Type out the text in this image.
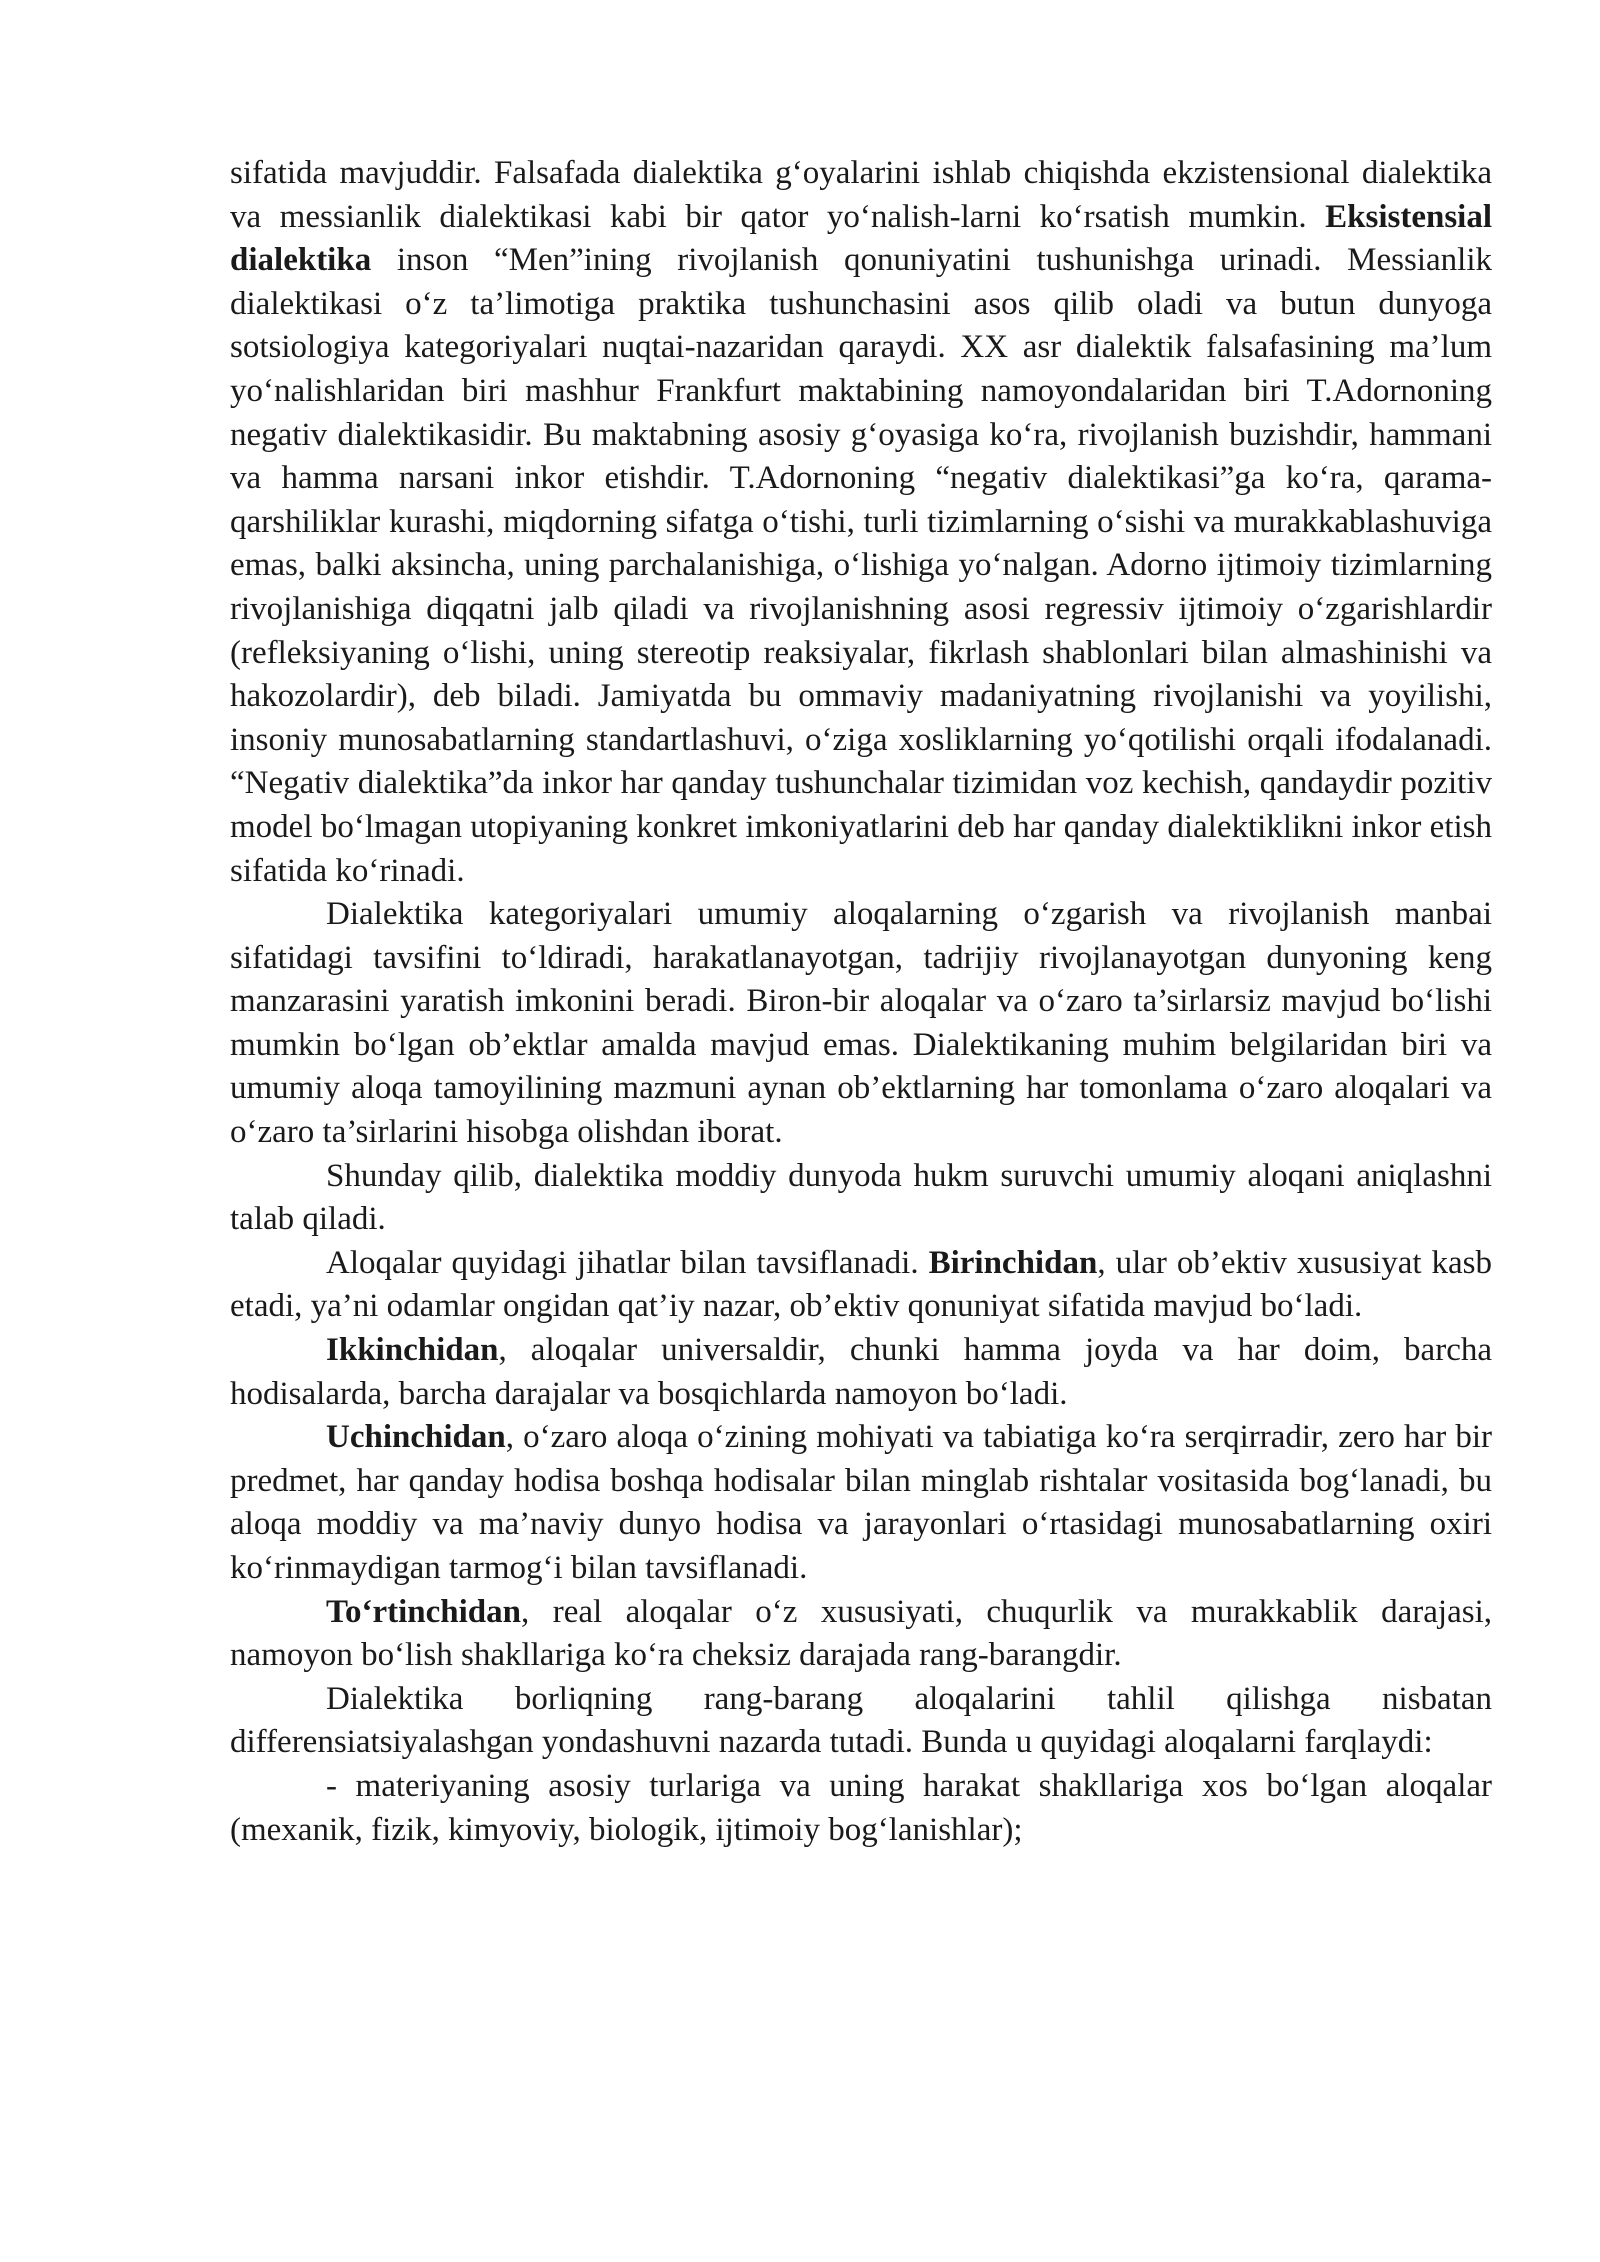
sifatida mavjuddir. Falsafada dialektika g‘oyalarini ishlab chiqishda ekzistensional dialektika va messianlik dialektikasi kabi bir qator yo‘nalish-larni ko‘rsatish mumkin. Eksistensial dialektika inson “Men”ining rivojlanish qonuniyatini tushunishga urinadi. Messianlik dialektikasi o‘z ta’limotiga praktika tushunchasini asos qilib oladi va butun dunyoga sotsiologiya kategoriyalari nuqtai-nazaridan qaraydi. XX asr dialektik falsafasining ma’lum yo‘nalishlaridan biri mashhur Frankfurt maktabining namoyondalaridan biri T.Adornoning negativ dialektikasidir. Bu maktabning asosiy g‘oyasiga ko‘ra, rivojlanish buzishdir, hammani va hamma narsani inkor etishdir. T.Adornoning “negativ dialektikasi”ga ko‘ra, qarama-qarshiliklar kurashi, miqdorning sifatga o‘tishi, turli tizimlarning o‘sishi va murakkablashuviga emas, balki aksincha, uning parchalanishiga, o‘lishiga yo‘nalgan. Adorno ijtimoiy tizimlarning rivojlanishiga diqqatni jalb qiladi va rivojlanishning asosi regressiv ijtimoiy o‘zgarishlardir (refleksiyaning o‘lishi, uning stereotip reaksiyalar, fikrlash shablonlari bilan almashinishi va hakozolardir), deb biladi. Jamiyatda bu ommaviy madaniyatning rivojlanishi va yoyilishi, insoniy munosabatlarning standartlashuvi, o‘ziga xosliklarning yo‘qotilishi orqali ifodalanadi. “Negativ dialektika”da inkor har qanday tushunchalar tizimidan voz kechish, qandaydir pozitiv model bo‘lmagan utopiyaning konkret imkoniyatlarini deb har qanday dialektiklikni inkor etish sifatida ko‘rinadi.

Dialektika kategoriyalari umumiy aloqalarning o‘zgarish va rivojlanish manbai sifatidagi tavsifini to‘ldiradi, harakatlanayotgan, tadrijiy rivojlanayotgan dunyoning keng manzarasini yaratish imkonini beradi. Biron-bir aloqalar va o‘zaro ta’sirlarsiz mavjud bo‘lishi mumkin bo‘lgan ob’ektlar amalda mavjud emas. Dialektikaning muhim belgilaridan biri va umumiy aloqa tamoyilining mazmuni aynan ob’ektlarning har tomonlama o‘zaro aloqalari va o‘zaro ta’sirlarini hisobga olishdan iborat.

Shunday qilib, dialektika moddiy dunyoda hukm suruvchi umumiy aloqani aniqlashni talab qiladi.

Aloqalar quyidagi jihatlar bilan tavsiflanadi. Birinchidan, ular ob’ektiv xususiyat kasb etadi, ya’ni odamlar ongidan qat’iy nazar, ob’ektiv qonuniyat sifatida mavjud bo‘ladi.

Ikkinchidan, aloqalar universaldir, chunki hamma joyda va har doim, barcha hodisalarda, barcha darajalar va bosqichlarda namoyon bo‘ladi.

Uchinchidan, o‘zaro aloqa o‘zining mohiyati va tabiatiga ko‘ra serqirradir, zero har bir predmet, har qanday hodisa boshqa hodisalar bilan minglab rishtalar vositasida bog‘lanadi, bu aloqa moddiy va ma’naviy dunyo hodisa va jarayonlari o‘rtasidagi munosabatlarning oxiri ko‘rinmaydigan tarmog‘i bilan tavsiflanadi.

To‘rtinchidan, real aloqalar o‘z xususiyati, chuqurlik va murakkablik darajasi, namoyon bo‘lish shakllariga ko‘ra cheksiz darajada rang-barangdir.

Dialektika borliqning rang-barang aloqalarini tahlil qilishga nisbatan differensiatsiyalashgan yondashuvni nazarda tutadi. Bunda u quyidagi aloqalarni farqlaydi:

- materiyaning asosiy turlariga va uning harakat shakllariga xos bo‘lgan aloqalar (mexanik, fizik, kimyoviy, biologik, ijtimoiy bog‘lanishlar);
